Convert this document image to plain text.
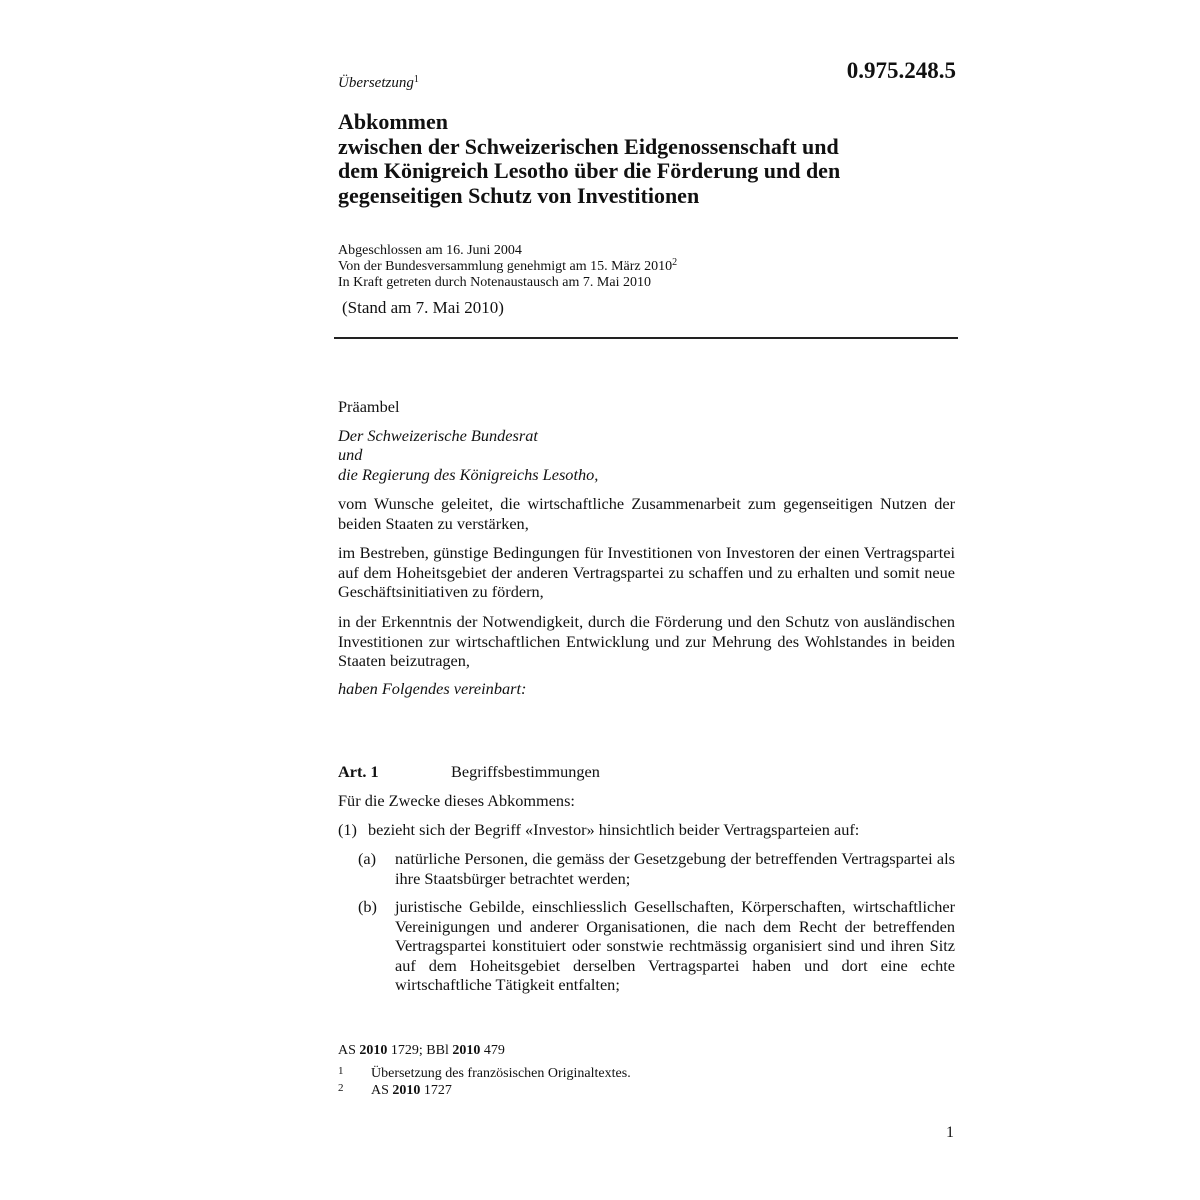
Übersetzung$^1$	0.975.248.5
Abkommen
zwischen der Schweizerischen Eidgenossenschaft und
dem Königreich Lesotho über die Förderung und den
gegenseitigen Schutz von Investitionen
Abgeschlossen am 16. Juni 2004
Von der Bundesversammlung genehmigt am 15. März 2010$^2$
In Kraft getreten durch Notenaustausch am 7. Mai 2010
(Stand am 7. Mai 2010)
Präambel
Der Schweizerische Bundesrat
und
die Regierung des Königreichs Lesotho,
vom Wunsche geleitet, die wirtschaftliche Zusammenarbeit zum gegenseitigen Nutzen der beiden Staaten zu verstärken,
im Bestreben, günstige Bedingungen für Investitionen von Investoren der einen Vertragspartei auf dem Hoheitsgebiet der anderen Vertragspartei zu schaffen und zu erhalten und somit neue Geschäftsinitiativen zu fördern,
in der Erkenntnis der Notwendigkeit, durch die Förderung und den Schutz von ausländischen Investitionen zur wirtschaftlichen Entwicklung und zur Mehrung des Wohlstandes in beiden Staaten beizutragen,
haben Folgendes vereinbart:
Art. 1	Begriffsbestimmungen
Für die Zwecke dieses Abkommens:
(1) bezieht sich der Begriff «Investor» hinsichtlich beider Vertragsparteien auf:
(a) natürliche Personen, die gemäss der Gesetzgebung der betreffenden Vertragspartei als ihre Staatsbürger betrachtet werden;
(b) juristische Gebilde, einschliesslich Gesellschaften, Körperschaften, wirtschaftlicher Vereinigungen und anderer Organisationen, die nach dem Recht der betreffenden Vertragspartei konstituiert oder sonstwie rechtmässig organisiert sind und ihren Sitz auf dem Hoheitsgebiet derselben Vertragspartei haben und dort eine echte wirtschaftliche Tätigkeit entfalten;
AS 2010 1729; BBl 2010 479
1 Übersetzung des französischen Originaltextes.
2 AS 2010 1727
1
